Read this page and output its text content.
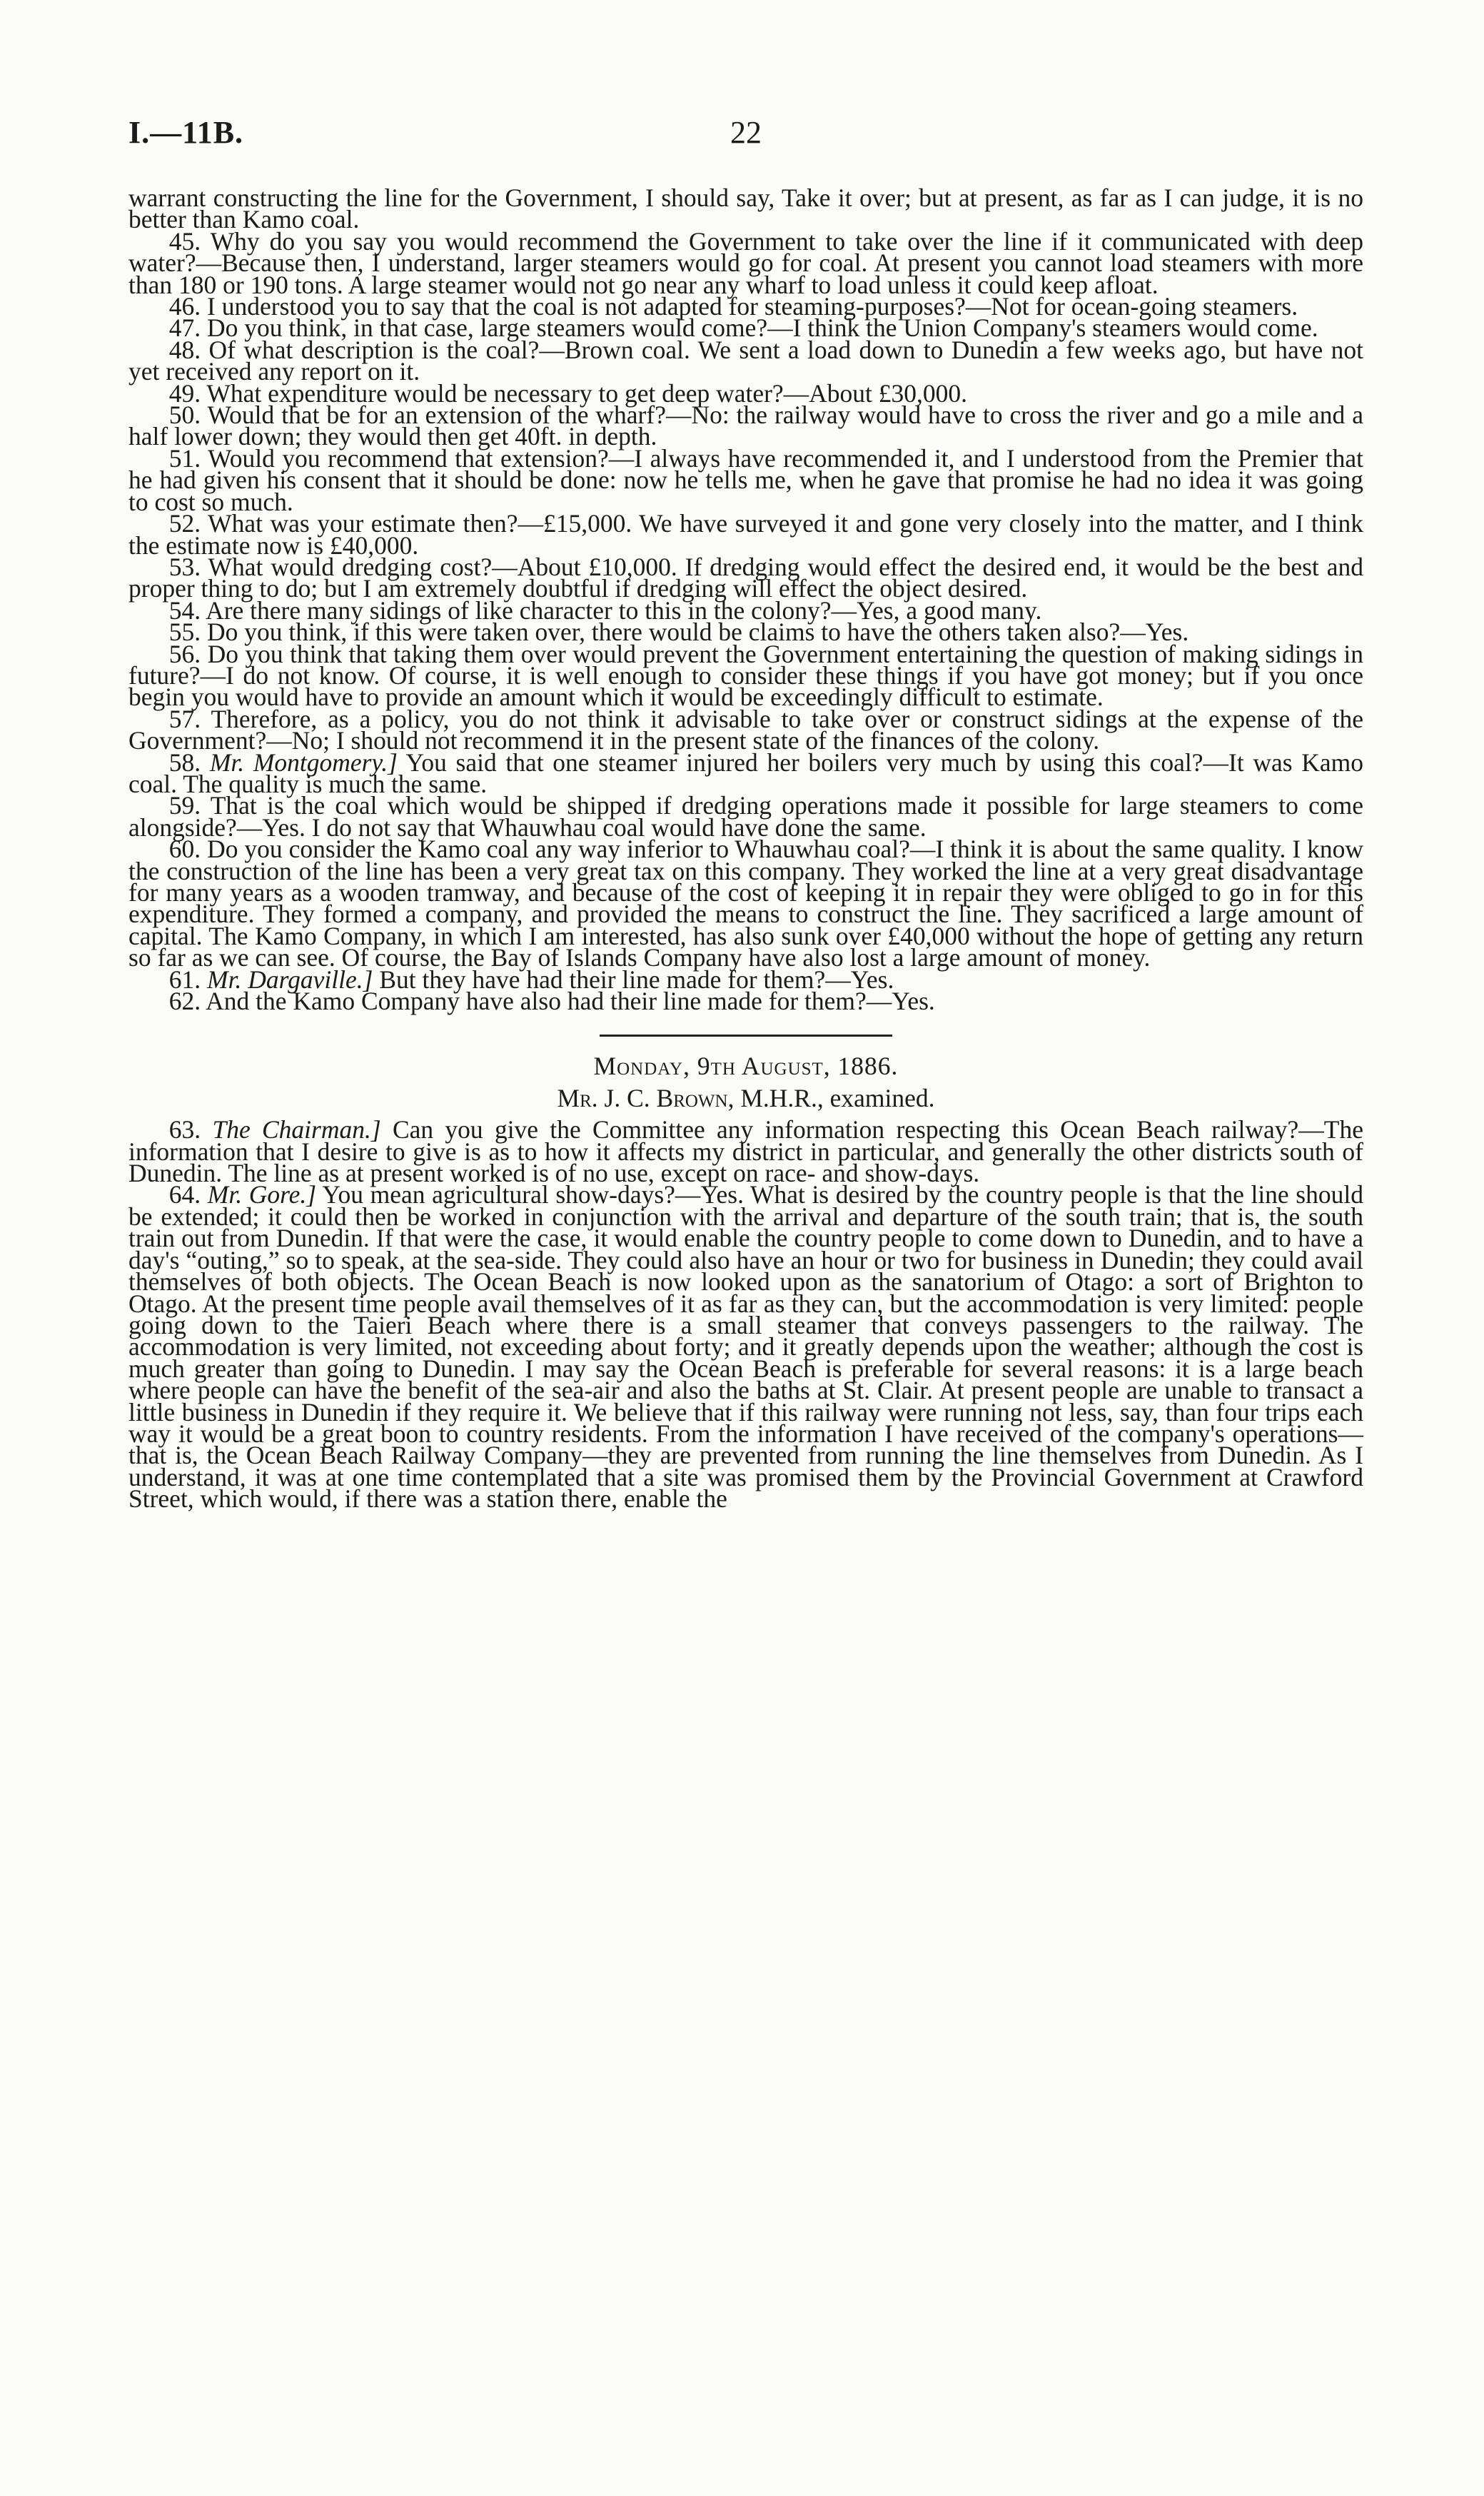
I.—11B.	22

warrant constructing the line for the Government, I should say, Take it over; but at present, as far as I can judge, it is no better than Kamo coal.

45. Why do you say you would recommend the Government to take over the line if it communicated with deep water?—Because then, I understand, larger steamers would go for coal. At present you cannot load steamers with more than 180 or 190 tons. A large steamer would not go near any wharf to load unless it could keep afloat.

46. I understood you to say that the coal is not adapted for steaming-purposes?—Not for ocean-going steamers.

47. Do you think, in that case, large steamers would come?—I think the Union Company's steamers would come.

48. Of what description is the coal?—Brown coal. We sent a load down to Dunedin a few weeks ago, but have not yet received any report on it.

49. What expenditure would be necessary to get deep water?—About £30,000.

50. Would that be for an extension of the wharf?—No: the railway would have to cross the river and go a mile and a half lower down; they would then get 40ft. in depth.

51. Would you recommend that extension?—I always have recommended it, and I understood from the Premier that he had given his consent that it should be done: now he tells me, when he gave that promise he had no idea it was going to cost so much.

52. What was your estimate then?—£15,000. We have surveyed it and gone very closely into the matter, and I think the estimate now is £40,000.

53. What would dredging cost?—About £10,000. If dredging would effect the desired end, it would be the best and proper thing to do; but I am extremely doubtful if dredging will effect the object desired.

54. Are there many sidings of like character to this in the colony?—Yes, a good many.

55. Do you think, if this were taken over, there would be claims to have the others taken also?—Yes.

56. Do you think that taking them over would prevent the Government entertaining the question of making sidings in future?—I do not know. Of course, it is well enough to consider these things if you have got money; but if you once begin you would have to provide an amount which it would be exceedingly difficult to estimate.

57. Therefore, as a policy, you do not think it advisable to take over or construct sidings at the expense of the Government?—No; I should not recommend it in the present state of the finances of the colony.

58. Mr. Montgomery.] You said that one steamer injured her boilers very much by using this coal?—It was Kamo coal. The quality is much the same.

59. That is the coal which would be shipped if dredging operations made it possible for large steamers to come alongside?—Yes. I do not say that Whauwhau coal would have done the same.

60. Do you consider the Kamo coal any way inferior to Whauwhau coal?—I think it is about the same quality. I know the construction of the line has been a very great tax on this company. They worked the line at a very great disadvantage for many years as a wooden tramway, and because of the cost of keeping it in repair they were obliged to go in for this expenditure. They formed a company, and provided the means to construct the line. They sacrificed a large amount of capital. The Kamo Company, in which I am interested, has also sunk over £40,000 without the hope of getting any return so far as we can see. Of course, the Bay of Islands Company have also lost a large amount of money.

61. Mr. Dargaville.] But they have had their line made for them?—Yes.

62. And the Kamo Company have also had their line made for them?—Yes.

Monday, 9th August, 1886.

Mr. J. C. Brown, M.H.R., examined.

63. The Chairman.] Can you give the Committee any information respecting this Ocean Beach railway?—The information that I desire to give is as to how it affects my district in particular, and generally the other districts south of Dunedin. The line as at present worked is of no use, except on race- and show-days.

64. Mr. Gore.] You mean agricultural show-days?—Yes. What is desired by the country people is that the line should be extended; it could then be worked in conjunction with the arrival and departure of the south train; that is, the south train out from Dunedin. If that were the case, it would enable the country people to come down to Dunedin, and to have a day's “outing,” so to speak, at the sea-side. They could also have an hour or two for business in Dunedin; they could avail themselves of both objects. The Ocean Beach is now looked upon as the sanatorium of Otago: a sort of Brighton to Otago. At the present time people avail themselves of it as far as they can, but the accommodation is very limited: people going down to the Taieri Beach where there is a small steamer that conveys passengers to the railway. The accommodation is very limited, not exceeding about forty; and it greatly depends upon the weather; although the cost is much greater than going to Dunedin. I may say the Ocean Beach is preferable for several reasons: it is a large beach where people can have the benefit of the sea-air and also the baths at St. Clair. At present people are unable to transact a little business in Dunedin if they require it. We believe that if this railway were running not less, say, than four trips each way it would be a great boon to country residents. From the information I have received of the company's operations—that is, the Ocean Beach Railway Company—they are prevented from running the line themselves from Dunedin. As I understand, it was at one time contemplated that a site was promised them by the Provincial Government at Crawford Street, which would, if there was a station there, enable the
